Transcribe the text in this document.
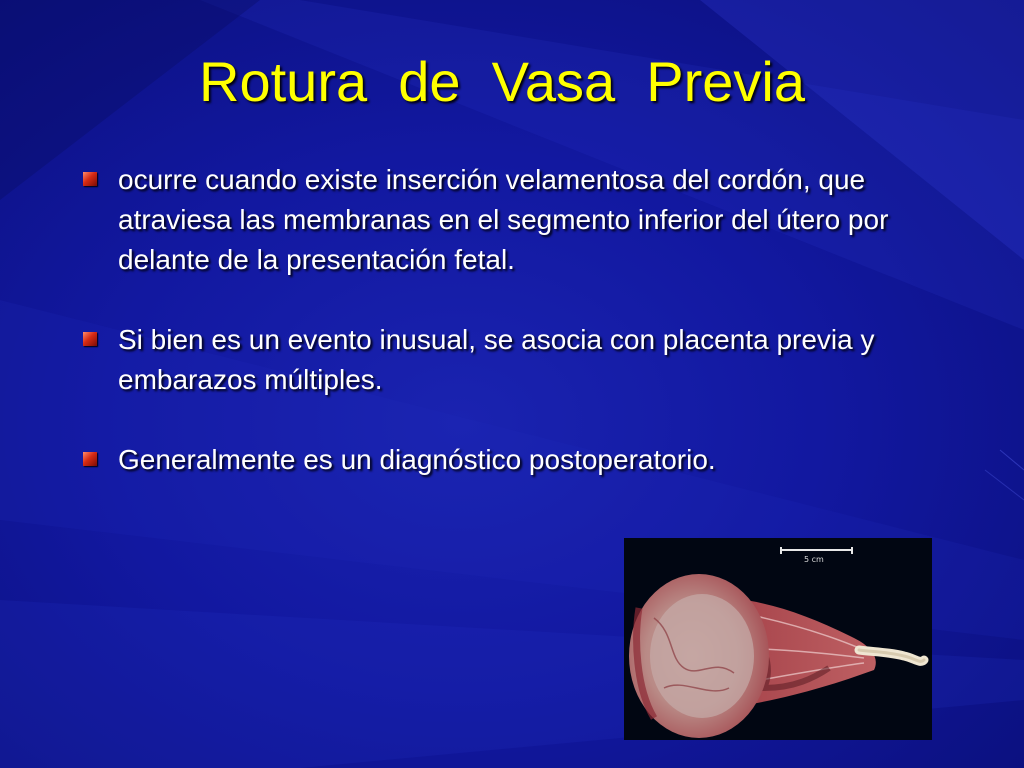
Rotura  de  Vasa  Previa
ocurre cuando existe inserción velamentosa del cordón, que atraviesa las membranas en el segmento inferior del útero por delante de la presentación fetal.
Si bien es un evento inusual, se asocia con placenta previa y embarazos múltiples.
Generalmente es un diagnóstico postoperatorio.
5 cm
